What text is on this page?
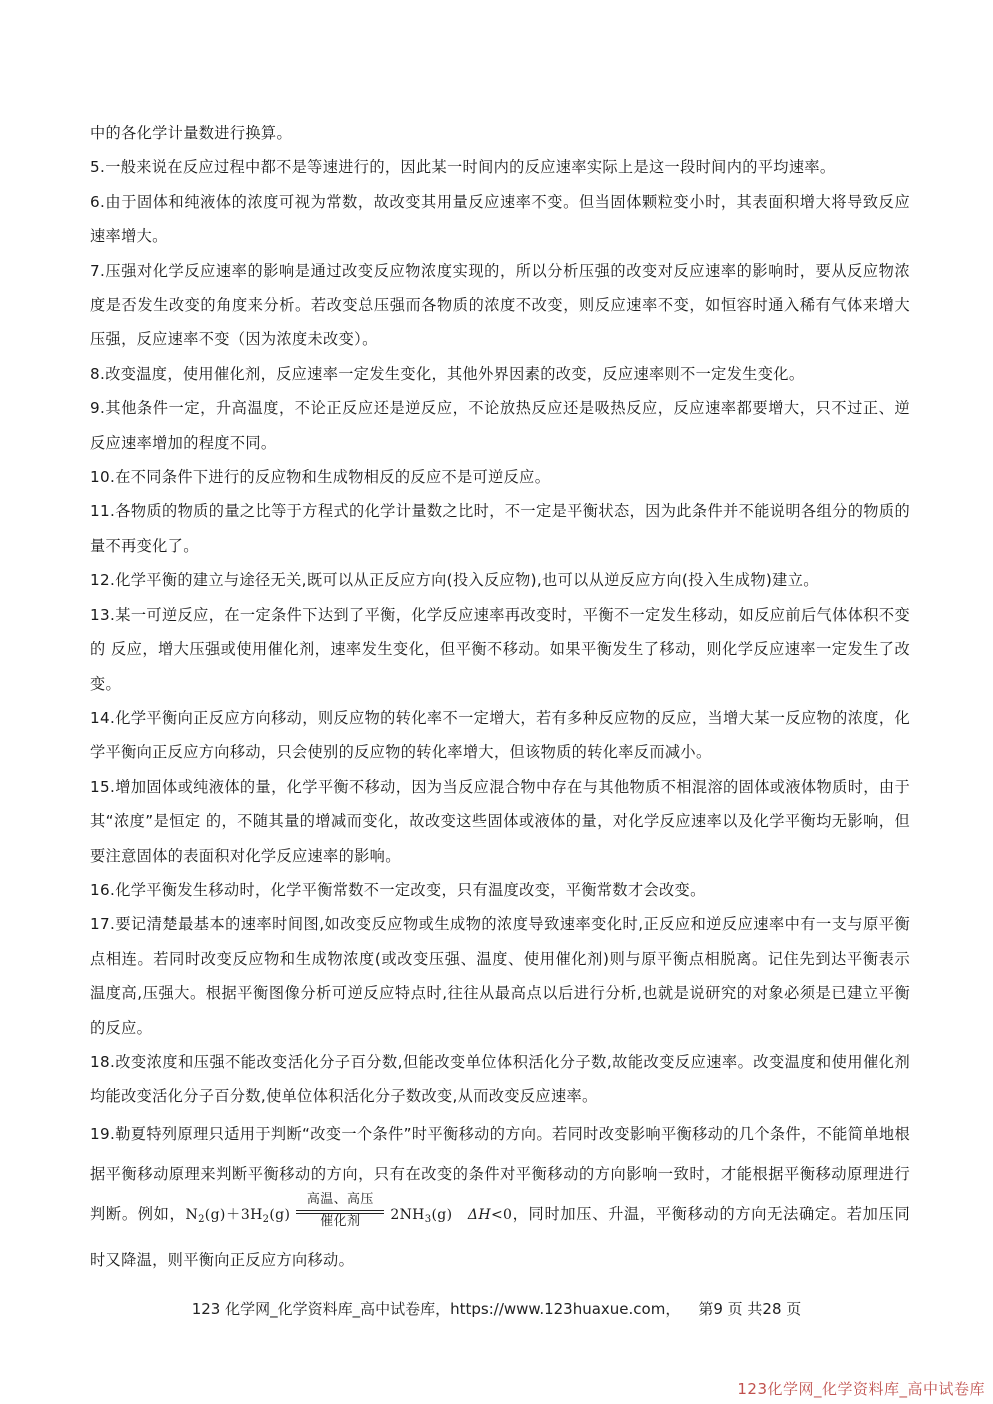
中的各化学计量数进行换算。

5.一般来说在反应过程中都不是等速进行的，因此某一时间内的反应速率实际上是这一段时间内的平均速率。

6.由于固体和纯液体的浓度可视为常数，故改变其用量反应速率不变。但当固体颗粒变小时，其表面积增大将导致反应速率增大。

7.压强对化学反应速率的影响是通过改变反应物浓度实现的，所以分析压强的改变对反应速率的影响时，要从反应物浓度是否发生改变的角度来分析。若改变总压强而各物质的浓度不改变，则反应速率不变，如恒容时通入稀有气体来增大压强，反应速率不变（因为浓度未改变）。

8.改变温度，使用催化剂，反应速率一定发生变化，其他外界因素的改变，反应速率则不一定发生变化。

9.其他条件一定，升高温度，不论正反应还是逆反应，不论放热反应还是吸热反应，反应速率都要增大，只不过正、逆反应速率增加的程度不同。

10.在不同条件下进行的反应物和生成物相反的反应不是可逆反应。

11.各物质的物质的量之比等于方程式的化学计量数之比时，不一定是平衡状态，因为此条件并不能说明各组分的物质的量不再变化了。

12.化学平衡的建立与途径无关,既可以从正反应方向(投入反应物),也可以从逆反应方向(投入生成物)建立。

13.某一可逆反应，在一定条件下达到了平衡，化学反应速率再改变时，平衡不一定发生移动，如反应前后气体体积不变的 反应，增大压强或使用催化剂，速率发生变化，但平衡不移动。如果平衡发生了移动，则化学反应速率一定发生了改变。

14.化学平衡向正反应方向移动，则反应物的转化率不一定增大，若有多种反应物的反应，当增大某一反应物的浓度，化学平衡向正反应方向移动，只会使别的反应物的转化率增大，但该物质的转化率反而减小。

15.增加固体或纯液体的量，化学平衡不移动，因为当反应混合物中存在与其他物质不相混溶的固体或液体物质时，由于其“浓度”是恒定 的，不随其量的增减而变化，故改变这些固体或液体的量，对化学反应速率以及化学平衡均无影响，但要注意固体的表面积对化学反应速率的影响。

16.化学平衡发生移动时，化学平衡常数不一定改变，只有温度改变，平衡常数才会改变。

17.要记清楚最基本的速率时间图,如改变反应物或生成物的浓度导致速率变化时,正反应和逆反应速率中有一支与原平衡点相连。若同时改变反应物和生成物浓度(或改变压强、温度、使用催化剂)则与原平衡点相脱离。记住先到达平衡表示温度高,压强大。根据平衡图像分析可逆反应特点时,往往从最高点以后进行分析,也就是说研究的对象必须是已建立平衡的反应。

18.改变浓度和压强不能改变活化分子百分数,但能改变单位体积活化分子数,故能改变反应速率。改变温度和使用催化剂均能改变活化分子百分数,使单位体积活化分子数改变,从而改变反应速率。

19.勒夏特列原理只适用于判断“改变一个条件”时平衡移动的方向。若同时改变影响平衡移动的几个条件，不能简单地根据平衡移动原理来判断平衡移动的方向，只有在改变的条件对平衡移动的方向影响一致时，才能根据平衡移动原理进行判断。例如，$N_2(g)+3H_2(g)$
高温、高压
催化剂	$2NH_3(g)$ ΔH<0，同时加压、升温，平衡移动的方向无法确定。若加压同时又降温，则平衡向正反应方向移动。

123 化学网_化学资料库_高中试卷库，https://www.123huaxue.com， 第9 页 共28 页
123化学网_化学资料库_高中试卷库
